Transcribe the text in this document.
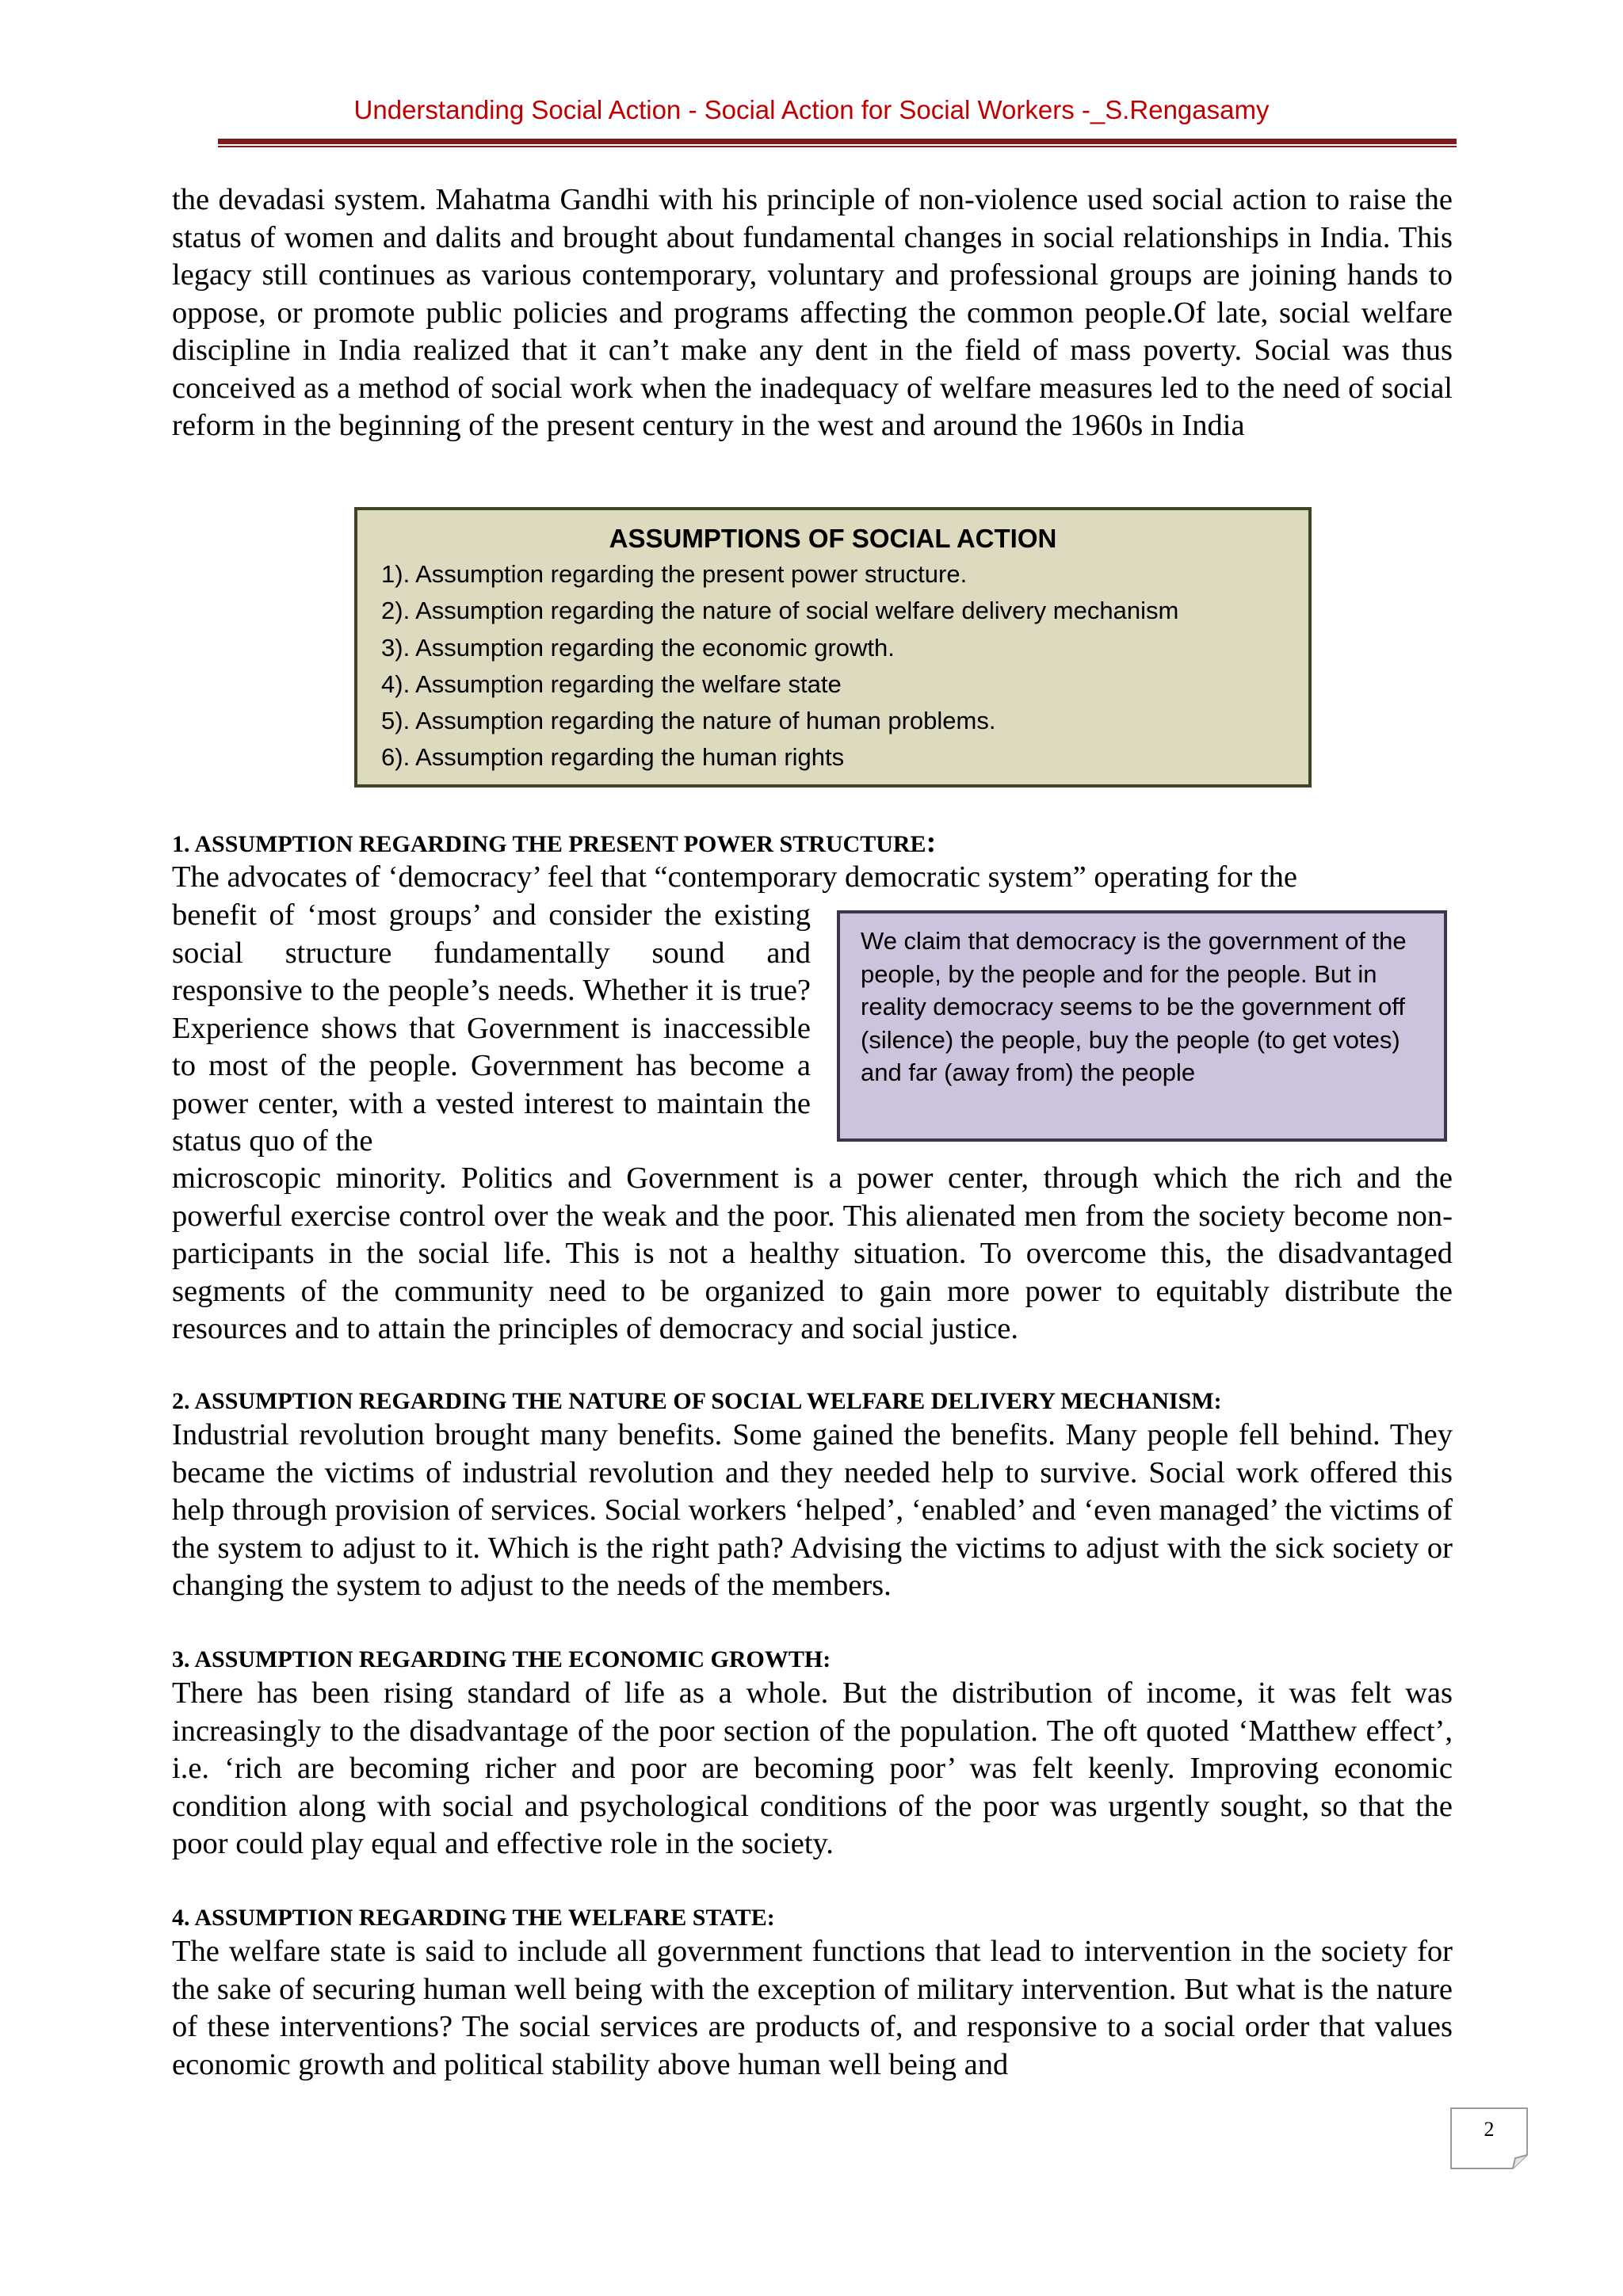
Understanding Social Action - Social Action for Social Workers -_S.Rengasamy

the devadasi system. Mahatma Gandhi with his principle of non-violence used social action to raise the status of women and dalits and brought about fundamental changes in social relationships in India. This legacy still continues as various contemporary, voluntary and professional groups are joining hands to oppose, or promote public policies and programs affecting the common people.Of late, social welfare discipline in India realized that it can’t make any dent in the field of mass poverty. Social was thus conceived as a method of social work when the inadequacy of welfare measures led to the need of social reform in the beginning of the present century in the west and around the 1960s in India

ASSUMPTIONS OF SOCIAL ACTION
1). Assumption regarding the present power structure.
2). Assumption regarding the nature of social welfare delivery mechanism
3). Assumption regarding the economic growth.
4). Assumption regarding the welfare state
5). Assumption regarding the nature of human problems.
6). Assumption regarding the human rights

1. ASSUMPTION REGARDING THE PRESENT POWER STRUCTURE:

The advocates of ‘democracy’ feel that “contemporary democratic system” operating for the

benefit of ‘most groups’ and consider the existing social structure fundamentally sound and responsive to the people’s needs. Whether it is true? Experience shows that Government is inaccessible to most of the people. Government has become a power center, with a vested interest to maintain the status quo of the

We claim that democracy is the government of the people, by the people and for the people. But in reality democracy seems to be the government off (silence) the people, buy the people (to get votes) and far (away from) the people

microscopic minority. Politics and Government is a power center, through which the rich and the powerful exercise control over the weak and the poor. This alienated men from the society become non-participants in the social life. This is not a healthy situation. To overcome this, the disadvantaged segments of the community need to be organized to gain more power to equitably distribute the resources and to attain the principles of democracy and social justice.

2. ASSUMPTION REGARDING THE NATURE OF SOCIAL WELFARE DELIVERY MECHANISM:

Industrial revolution brought many benefits. Some gained the benefits. Many people fell behind. They became the victims of industrial revolution and they needed help to survive. Social work offered this help through provision of services. Social workers ‘helped’, ‘enabled’ and ‘even managed’ the victims of the system to adjust to it. Which is the right path? Advising the victims to adjust with the sick society or changing the system to adjust to the needs of the members.

3. ASSUMPTION REGARDING THE ECONOMIC GROWTH:

There has been rising standard of life as a whole. But the distribution of income, it was felt was increasingly to the disadvantage of the poor section of the population. The oft quoted ‘Matthew effect’, i.e. ‘rich are becoming richer and poor are becoming poor’ was felt keenly. Improving economic condition along with social and psychological conditions of the poor was urgently sought, so that the poor could play equal and effective role in the society.

4. ASSUMPTION REGARDING THE WELFARE STATE:

The welfare state is said to include all government functions that lead to intervention in the society for the sake of securing human well being with the exception of military intervention. But what is the nature of these interventions? The social services are products of, and responsive to a social order that values economic growth and political stability above human well being and

2
